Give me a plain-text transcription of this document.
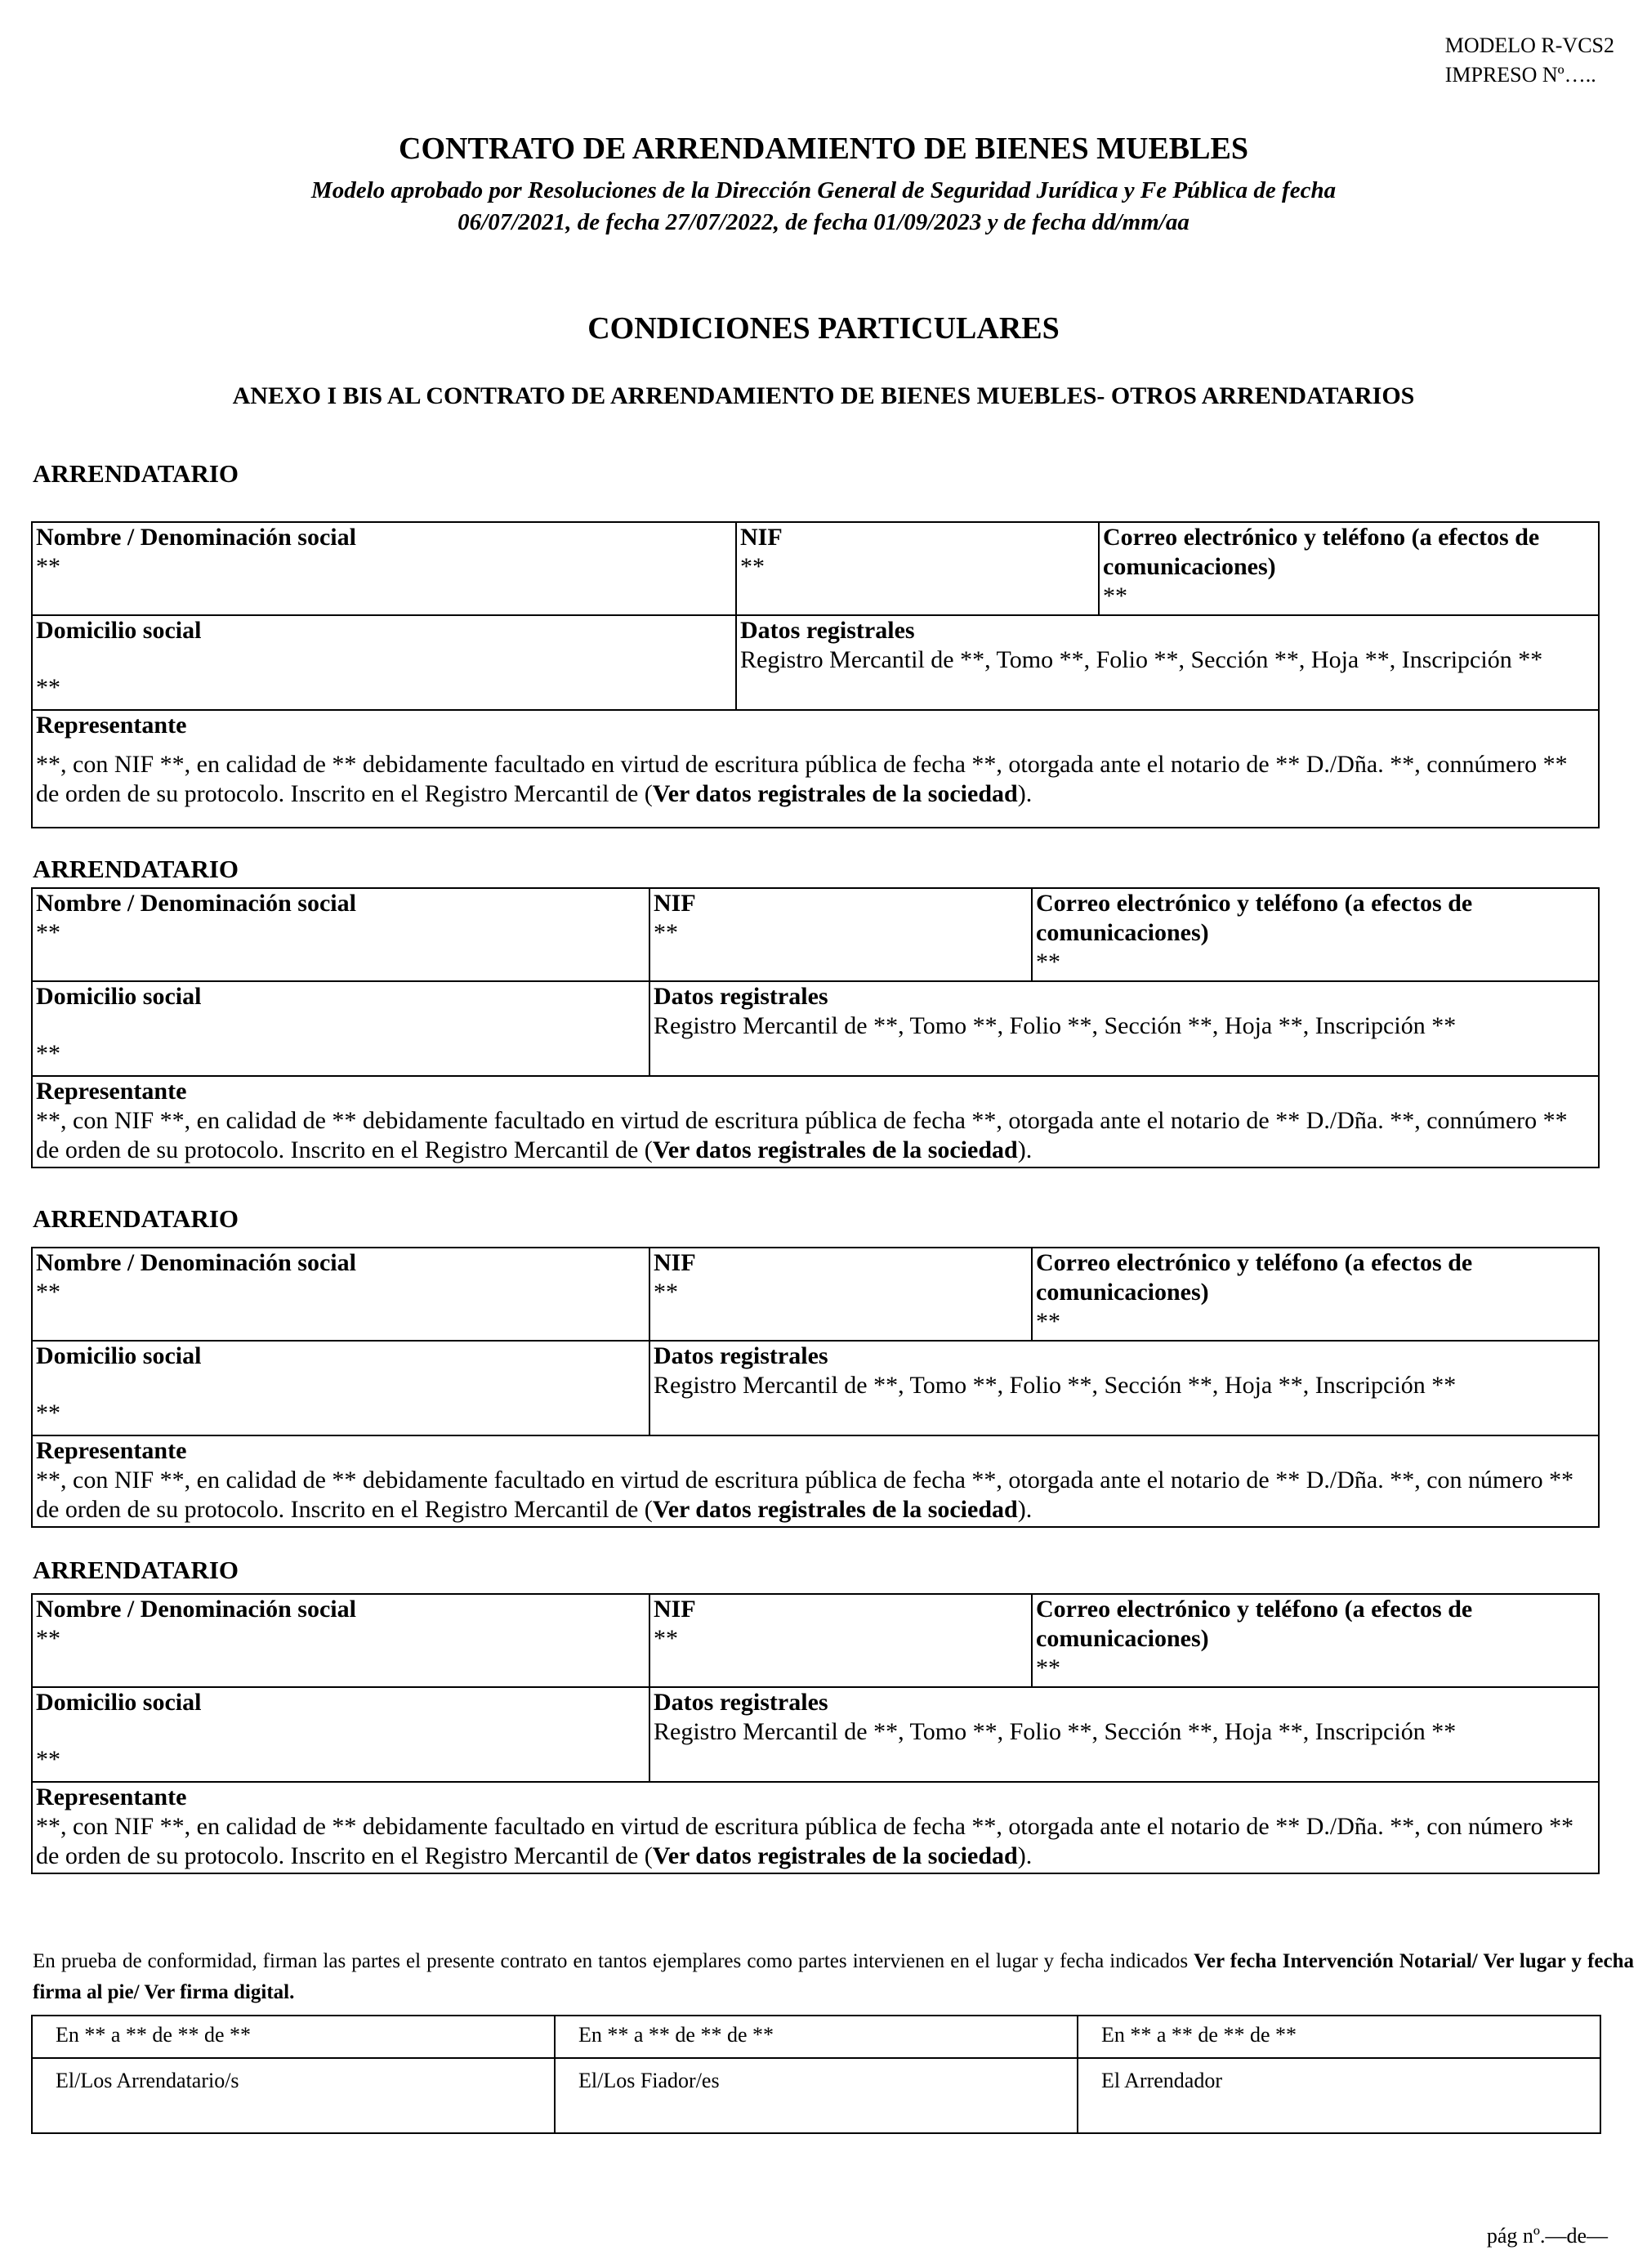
MODELO R-VCS2
IMPRESO Nº…..
CONTRATO DE ARRENDAMIENTO DE BIENES MUEBLES
Modelo aprobado por Resoluciones de la Dirección General de Seguridad Jurídica y Fe Pública de fecha
06/07/2021, de fecha 27/07/2022, de fecha 01/09/2023 y de fecha dd/mm/aa
CONDICIONES PARTICULARES
ANEXO I BIS AL CONTRATO DE ARRENDAMIENTO DE BIENES MUEBLES- OTROS ARRENDATARIOS
ARRENDATARIO
Nombre / Denominación social
**
NIF
**
Correo electrónico y teléfono (a efectos de comunicaciones)
**
Domicilio social
**
Datos registrales
Registro Mercantil de **, Tomo **, Folio **, Sección **, Hoja **, Inscripción **
Representante
**, con NIF **, en calidad de ** debidamente facultado en virtud de escritura pública de fecha **, otorgada ante el notario de ** D./Dña. **, connúmero ** de orden de su protocolo. Inscrito en el Registro Mercantil de (Ver datos registrales de la sociedad).
ARRENDATARIO
Nombre / Denominación social
**
NIF
**
Correo electrónico y teléfono (a efectos de comunicaciones)
**
Domicilio social
**
Datos registrales
Registro Mercantil de **, Tomo **, Folio **, Sección **, Hoja **, Inscripción **
Representante
**, con NIF **, en calidad de ** debidamente facultado en virtud de escritura pública de fecha **, otorgada ante el notario de ** D./Dña. **, connúmero ** de orden de su protocolo. Inscrito en el Registro Mercantil de (Ver datos registrales de la sociedad).
ARRENDATARIO
Nombre / Denominación social
**
NIF
**
Correo electrónico y teléfono (a efectos de comunicaciones)
**
Domicilio social
**
Datos registrales
Registro Mercantil de **, Tomo **, Folio **, Sección **, Hoja **, Inscripción **
Representante
**, con NIF **, en calidad de ** debidamente facultado en virtud de escritura pública de fecha **, otorgada ante el notario de ** D./Dña. **, con número ** de orden de su protocolo. Inscrito en el Registro Mercantil de (Ver datos registrales de la sociedad).
ARRENDATARIO
Nombre / Denominación social
**
NIF
**
Correo electrónico y teléfono (a efectos de comunicaciones)
**
Domicilio social
**
Datos registrales
Registro Mercantil de **, Tomo **, Folio **, Sección **, Hoja **, Inscripción **
Representante
**, con NIF **, en calidad de ** debidamente facultado en virtud de escritura pública de fecha **, otorgada ante el notario de ** D./Dña. **, con número ** de orden de su protocolo. Inscrito en el Registro Mercantil de (Ver datos registrales de la sociedad).
En prueba de conformidad, firman las partes el presente contrato en tantos ejemplares como partes intervienen en el lugar y fecha indicados Ver fecha Intervención Notarial/ Ver lugar y fecha firma al pie/ Ver firma digital.
En ** a ** de ** de **
El/Los Arrendatario/s
En ** a ** de ** de **
El/Los Fiador/es
En ** a ** de ** de **
El Arrendador
pág nº.—de—
